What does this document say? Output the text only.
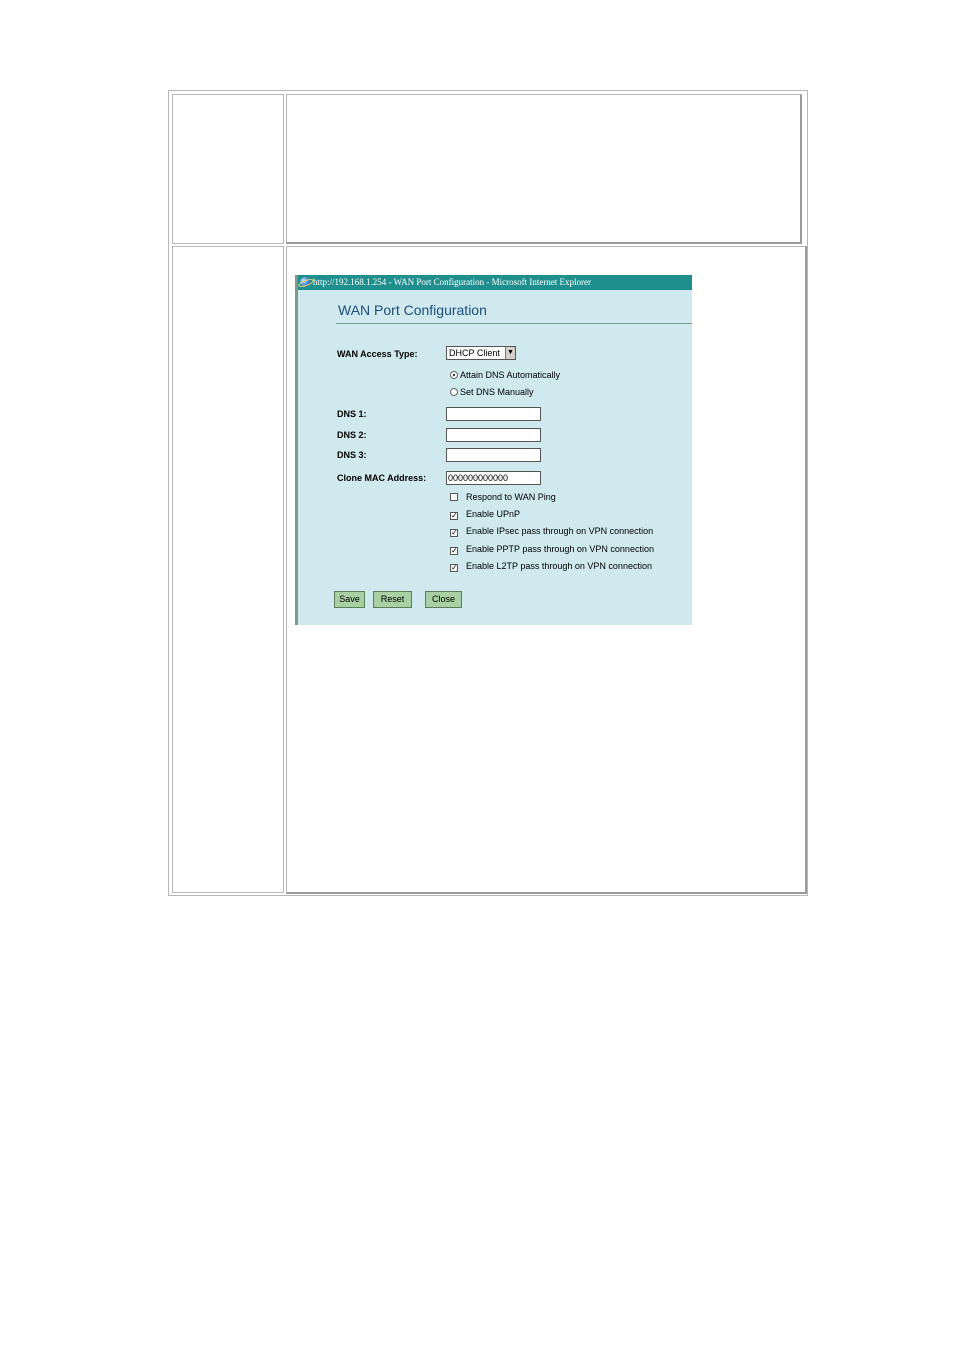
http://192.168.1.254 - WAN Port Configuration - Microsoft Internet Explorer
WAN Port Configuration
WAN Access Type:	DHCP Client ▼
Attain DNS Automatically
Set DNS Manually
DNS 1:
DNS 2:
DNS 3:
Clone MAC Address:
000000000000
Respond to WAN Ping
✓ Enable UPnP
✓ Enable IPsec pass through on VPN connection
✓ Enable PPTP pass through on VPN connection
✓ Enable L2TP pass through on VPN connection
Save	Reset	Close
